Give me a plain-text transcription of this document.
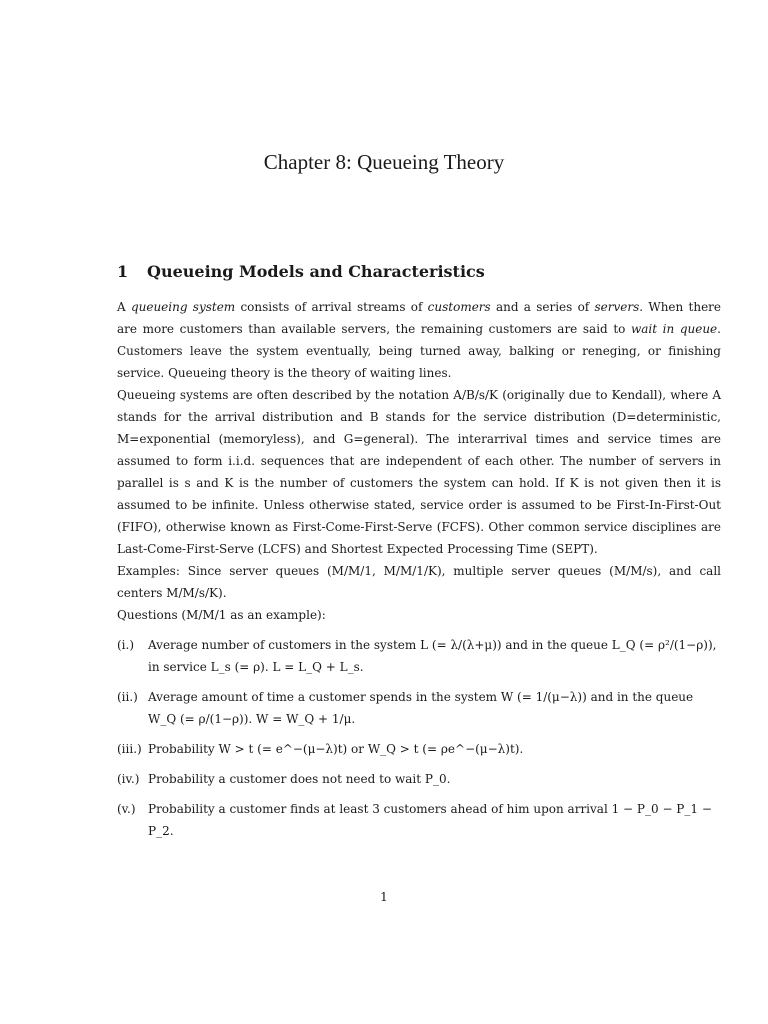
Chapter 8: Queueing Theory
1 Queueing Models and Characteristics

A queueing system consists of arrival streams of customers and a series of servers. When there are more customers than available servers, the remaining customers are said to wait in queue. Customers leave the system eventually, being turned away, balking or reneging, or finishing service. Queueing theory is the theory of waiting lines.

Queueing systems are often described by the notation A/B/s/K (originally due to Kendall), where A stands for the arrival distribution and B stands for the service distribution (D=deterministic, M=exponential (memoryless), and G=general). The interarrival times and service times are assumed to form i.i.d. sequences that are independent of each other. The number of servers in parallel is s and K is the number of customers the system can hold. If K is not given then it is assumed to be infinite. Unless otherwise stated, service order is assumed to be First-In-First-Out (FIFO), otherwise known as First-Come-First-Serve (FCFS). Other common service disciplines are Last-Come-First-Serve (LCFS) and Shortest Expected Processing Time (SEPT).

Examples: Since server queues (M/M/1, M/M/1/K), multiple server queues (M/M/s), and call centers M/M/s/K).

Questions (M/M/1 as an example):

(i.) Average number of customers in the system L (= λ/(λ+μ)) and in the queue L_Q (= ρ²/(1−ρ)), in service L_s (= ρ). L = L_Q + L_s.
(ii.) Average amount of time a customer spends in the system W (= 1/(μ−λ)) and in the queue W_Q (= ρ/(1−ρ)). W = W_Q + 1/μ.
(iii.) Probability W > t (= e^−(μ−λ)t) or W_Q > t (= ρe^−(μ−λ)t).
(iv.) Probability a customer does not need to wait P_0.
(v.) Probability a customer finds at least 3 customers ahead of him upon arrival 1 − P_0 − P_1 − P_2.
1
